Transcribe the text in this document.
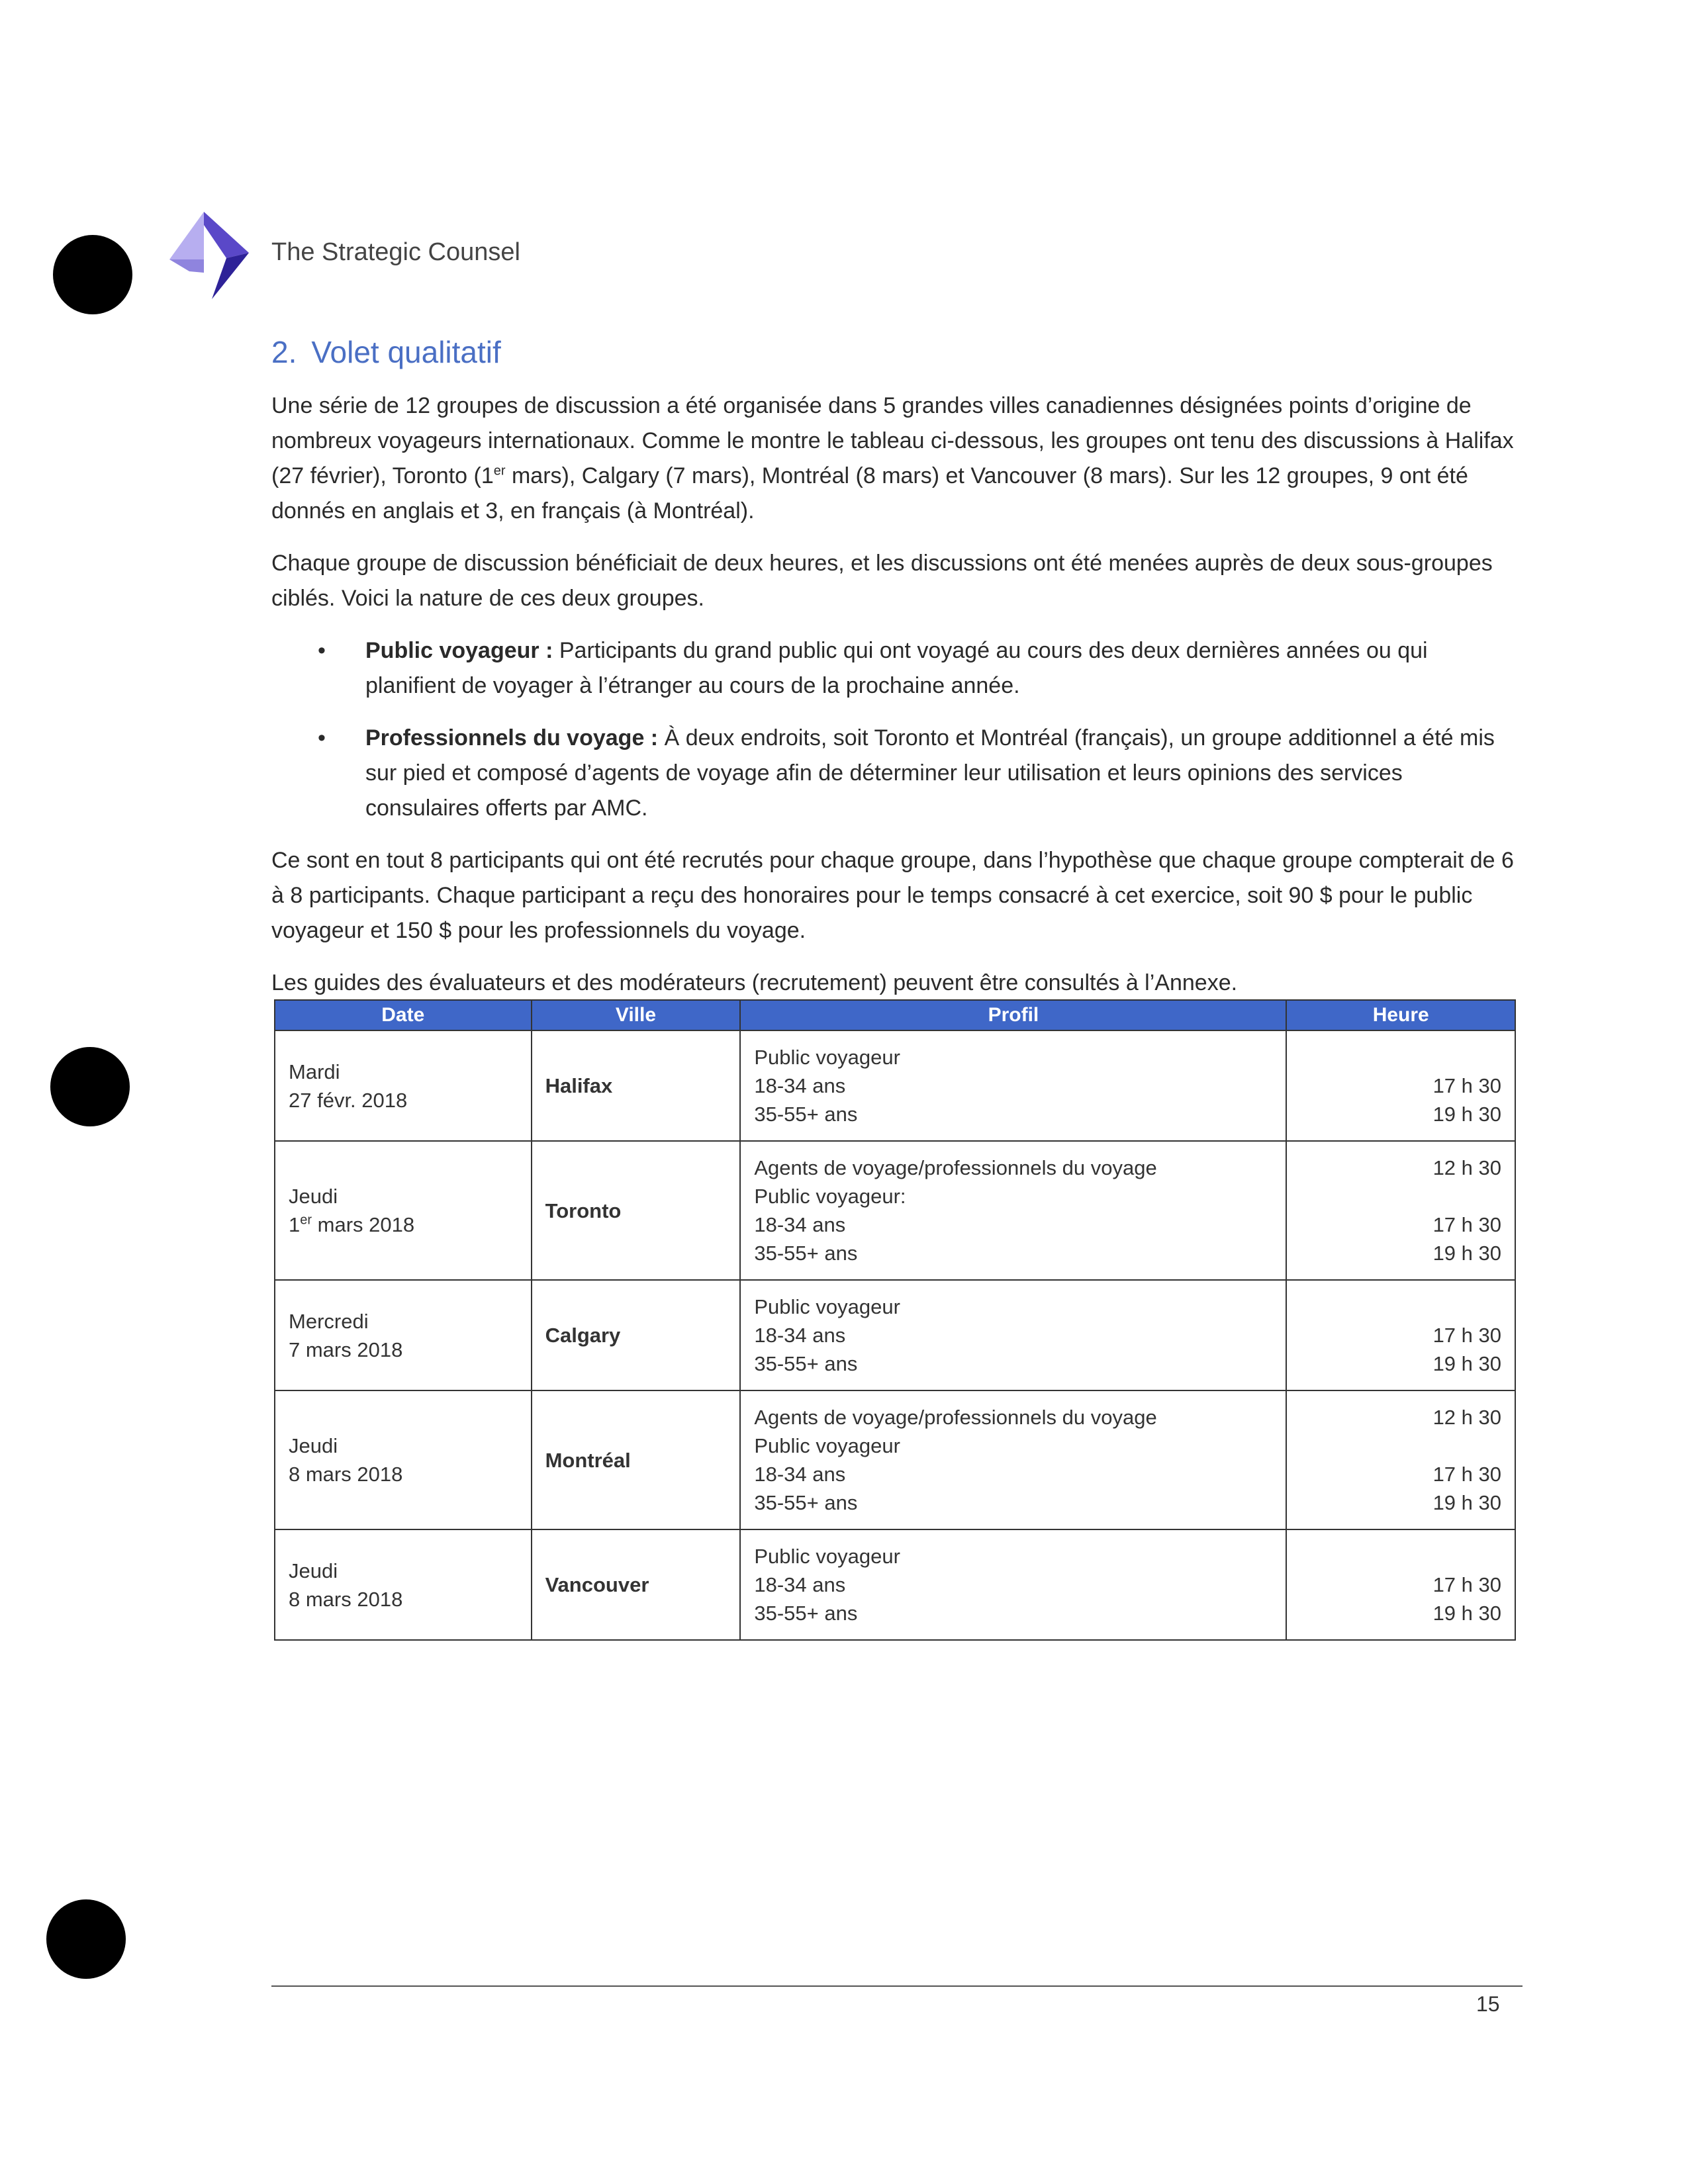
The Strategic Counsel
2. Volet qualitatif

Une série de 12 groupes de discussion a été organisée dans 5 grandes villes canadiennes désignées points d’origine de nombreux voyageurs internationaux. Comme le montre le tableau ci-dessous, les groupes ont tenu des discussions à Halifax (27 février), Toronto (1er mars), Calgary (7 mars), Montréal (8 mars) et Vancouver (8 mars). Sur les 12 groupes, 9 ont été donnés en anglais et 3, en français (à Montréal).

Chaque groupe de discussion bénéficiait de deux heures, et les discussions ont été menées auprès de deux sous-groupes ciblés. Voici la nature de ces deux groupes.

• Public voyageur : Participants du grand public qui ont voyagé au cours des deux dernières années ou qui planifient de voyager à l’étranger au cours de la prochaine année.
• Professionnels du voyage : À deux endroits, soit Toronto et Montréal (français), un groupe additionnel a été mis sur pied et composé d’agents de voyage afin de déterminer leur utilisation et leurs opinions des services consulaires offerts par AMC.

Ce sont en tout 8 participants qui ont été recrutés pour chaque groupe, dans l’hypothèse que chaque groupe compterait de 6 à 8 participants. Chaque participant a reçu des honoraires pour le temps consacré à cet exercice, soit 90 $ pour le public voyageur et 150 $ pour les professionnels du voyage.

Les guides des évaluateurs et des modérateurs (recrutement) peuvent être consultés à l’Annexe.

Date	Ville	Profil	Heure

Mardi
27 févr. 2018	Halifax	Public voyageur
18-34 ans
35-55+ ans	17 h 30
19 h 30

Jeudi
1er mars 2018	Toronto	Agents de voyage/professionnels du voyage
Public voyageur:
18-34 ans
35-55+ ans	12 h 30

17 h 30
19 h 30

Mercredi
7 mars 2018	Calgary	Public voyageur
18-34 ans
35-55+ ans	17 h 30
19 h 30

Jeudi
8 mars 2018	Montréal	Agents de voyage/professionnels du voyage
Public voyageur
18-34 ans
35-55+ ans	12 h 30

17 h 30
19 h 30

Jeudi
8 mars 2018	Vancouver	Public voyageur
18-34 ans
35-55+ ans	17 h 30
19 h 30
15
